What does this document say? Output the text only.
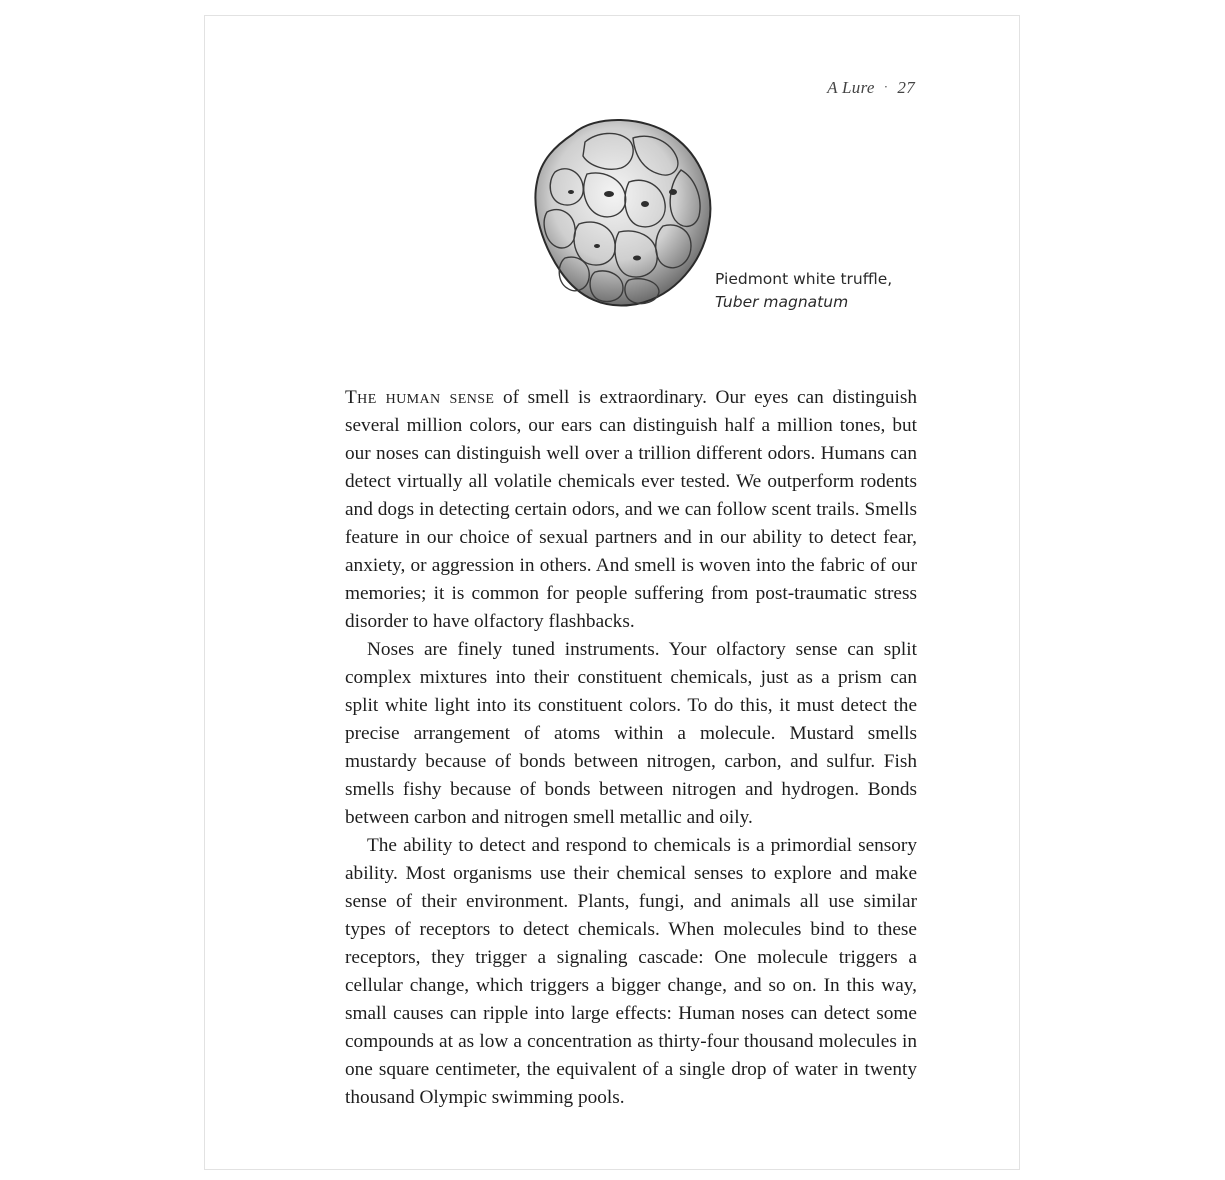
A Lure · 27
Piedmont white truffle,
Tuber magnatum

The human sense of smell is extraordinary. Our eyes can distinguish several million colors, our ears can distinguish half a million tones, but our noses can distinguish well over a trillion different odors. Humans can detect virtually all volatile chemicals ever tested. We outperform rodents and dogs in detecting certain odors, and we can follow scent trails. Smells feature in our choice of sexual partners and in our ability to detect fear, anxiety, or aggression in others. And smell is woven into the fabric of our memories; it is common for people suffering from post-traumatic stress disorder to have olfactory flashbacks.

Noses are finely tuned instruments. Your olfactory sense can split complex mixtures into their constituent chemicals, just as a prism can split white light into its constituent colors. To do this, it must detect the precise arrangement of atoms within a molecule. Mustard smells mustardy because of bonds between nitrogen, carbon, and sulfur. Fish smells fishy because of bonds between nitrogen and hydrogen. Bonds between carbon and nitrogen smell metallic and oily.

The ability to detect and respond to chemicals is a primordial sensory ability. Most organisms use their chemical senses to explore and make sense of their environment. Plants, fungi, and animals all use similar types of receptors to detect chemicals. When molecules bind to these receptors, they trigger a signaling cascade: One molecule triggers a cellular change, which triggers a bigger change, and so on. In this way, small causes can ripple into large effects: Human noses can detect some compounds at as low a concentration as thirty-four thousand molecules in one square centimeter, the equivalent of a single drop of water in twenty thousand Olympic swimming pools.
